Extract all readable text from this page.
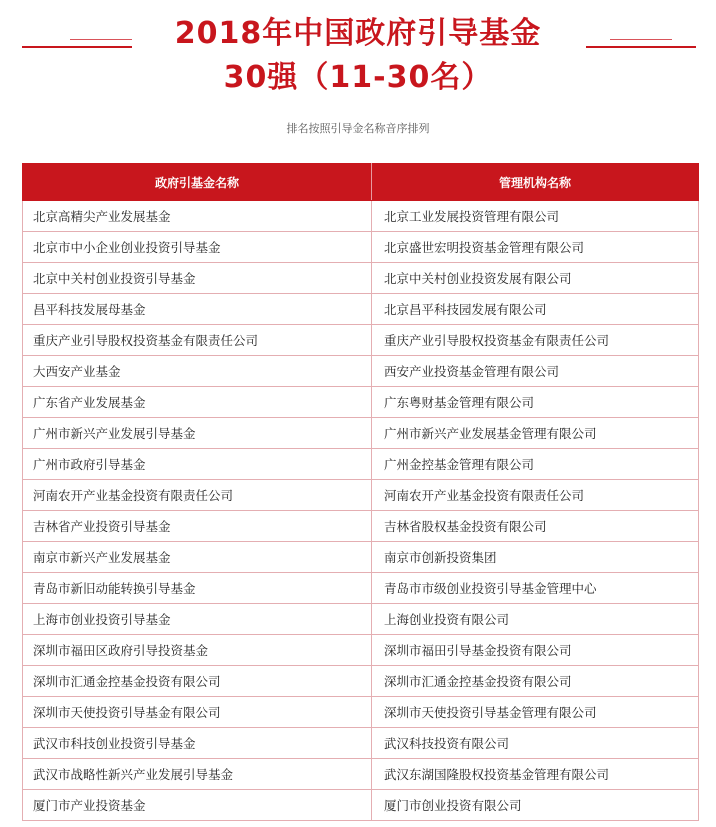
2018年中国政府引导基金
30强（11-30名）
排名按照引导金名称音序排列
政府引基金名称	管理机构名称
北京高精尖产业发展基金	北京工业发展投资管理有限公司
北京市中小企业创业投资引导基金	北京盛世宏明投资基金管理有限公司
北京中关村创业投资引导基金	北京中关村创业投资发展有限公司
昌平科技发展母基金	北京昌平科技园发展有限公司
重庆产业引导股权投资基金有限责任公司	重庆产业引导股权投资基金有限责任公司
大西安产业基金	西安产业投资基金管理有限公司
广东省产业发展基金	广东粤财基金管理有限公司
广州市新兴产业发展引导基金	广州市新兴产业发展基金管理有限公司
广州市政府引导基金	广州金控基金管理有限公司
河南农开产业基金投资有限责任公司	河南农开产业基金投资有限责任公司
吉林省产业投资引导基金	吉林省股权基金投资有限公司
南京市新兴产业发展基金	南京市创新投资集团
青岛市新旧动能转换引导基金	青岛市市级创业投资引导基金管理中心
上海市创业投资引导基金	上海创业投资有限公司
深圳市福田区政府引导投资基金	深圳市福田引导基金投资有限公司
深圳市汇通金控基金投资有限公司	深圳市汇通金控基金投资有限公司
深圳市天使投资引导基金有限公司	深圳市天使投资引导基金管理有限公司
武汉市科技创业投资引导基金	武汉科技投资有限公司
武汉市战略性新兴产业发展引导基金	武汉东湖国隆股权投资基金管理有限公司
厦门市产业投资基金	厦门市创业投资有限公司
